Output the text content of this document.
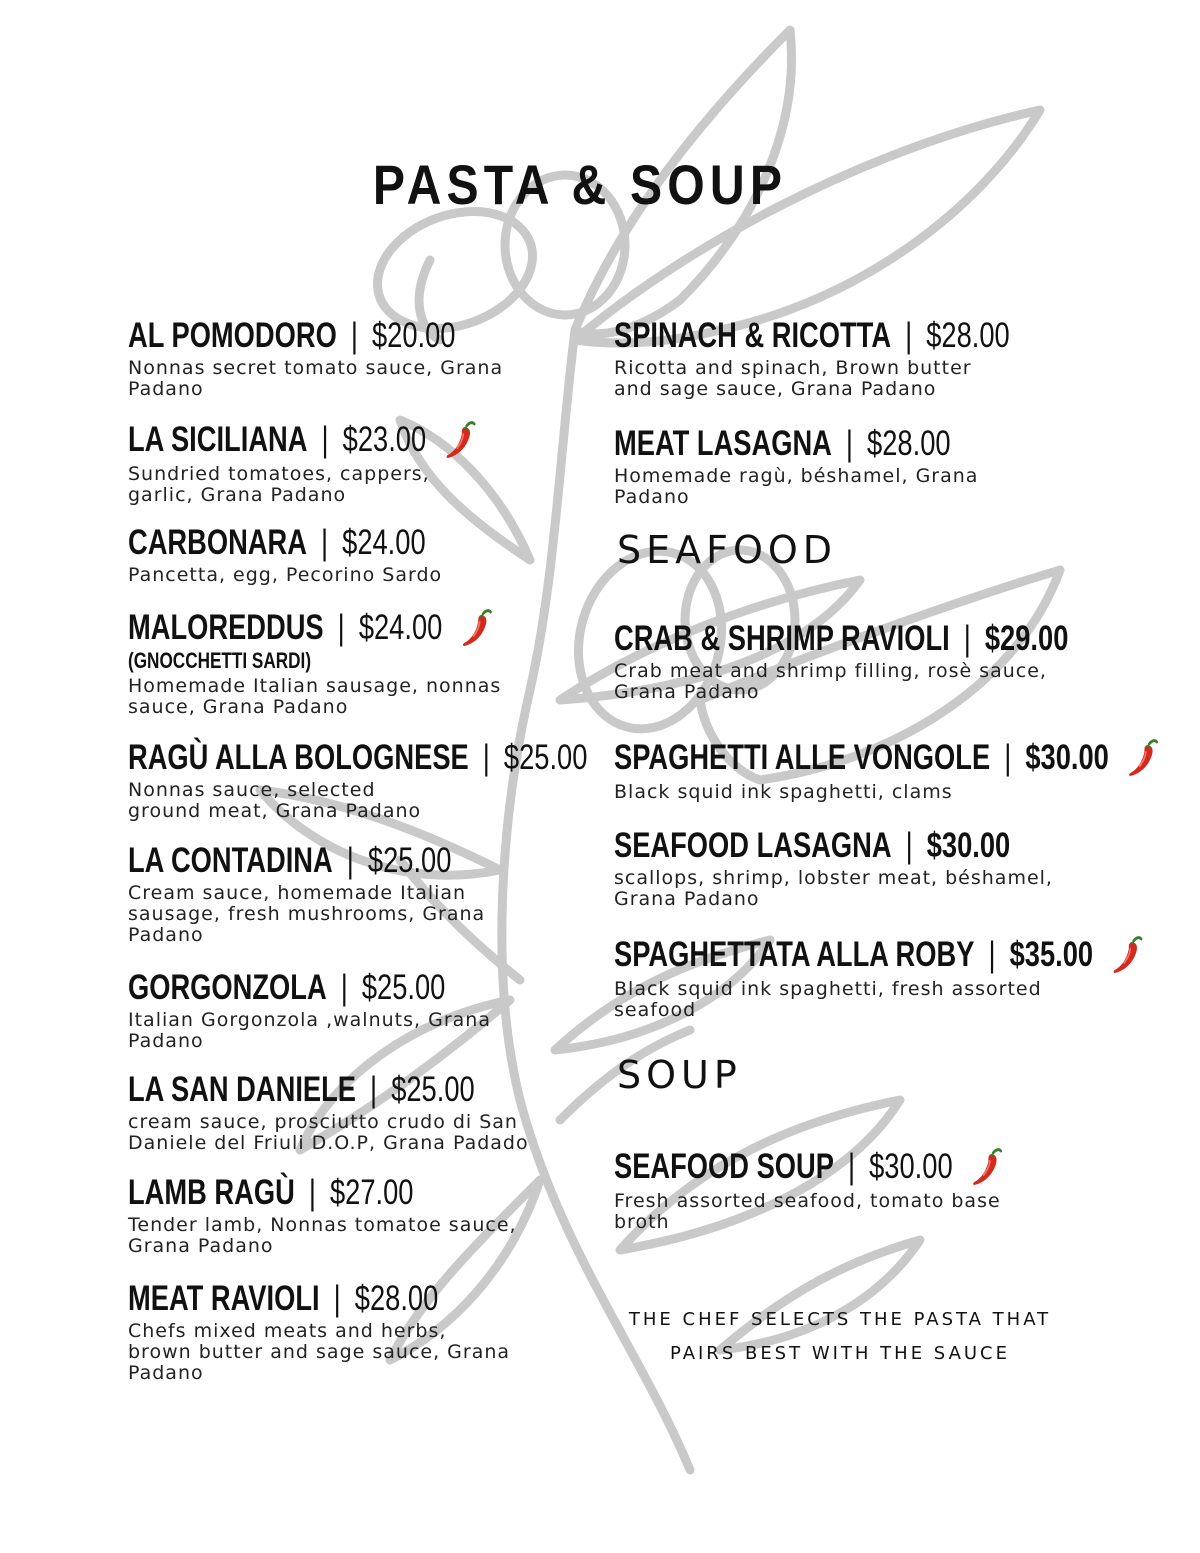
PASTA & SOUP
AL POMODORO | $20.00
Nonnas secret tomato sauce, Grana
Padano
LA SICILIANA | $23.00
Sundried tomatoes, cappers,
garlic, Grana Padano
CARBONARA | $24.00
Pancetta, egg, Pecorino Sardo
MALOREDDUS | $24.00
(GNOCCHETTI SARDI)
Homemade Italian sausage, nonnas
sauce, Grana Padano
RAGÙ ALLA BOLOGNESE | $25.00
Nonnas sauce, selected
ground meat, Grana Padano
LA CONTADINA | $25.00
Cream sauce, homemade Italian
sausage, fresh mushrooms, Grana
Padano
GORGONZOLA | $25.00
Italian Gorgonzola ,walnuts, Grana
Padano
LA SAN DANIELE | $25.00
cream sauce, prosciutto crudo di San
Daniele del Friuli D.O.P, Grana Padado
LAMB RAGÙ | $27.00
Tender lamb, Nonnas tomatoe sauce,
Grana Padano
MEAT RAVIOLI | $28.00
Chefs mixed meats and herbs,
brown butter and sage sauce, Grana
Padano
SPINACH & RICOTTA | $28.00
Ricotta and spinach, Brown butter
and sage sauce, Grana Padano
MEAT LASAGNA | $28.00
Homemade ragù, béshamel, Grana
Padano
CRAB & SHRIMP RAVIOLI | $29.00
Crab meat and shrimp filling, rosè sauce,
Grana Padano
SPAGHETTI ALLE VONGOLE | $30.00
Black squid ink spaghetti, clams
SEAFOOD LASAGNA | $30.00
scallops, shrimp, lobster meat, béshamel,
Grana Padano
SPAGHETTATA ALLA ROBY | $35.00
Black squid ink spaghetti, fresh assorted
seafood
SEAFOOD SOUP | $30.00
Fresh assorted seafood, tomato base
broth
SEAFOOD
SOUP
THE CHEF SELECTS THE PASTA THAT
PAIRS BEST WITH THE SAUCE
